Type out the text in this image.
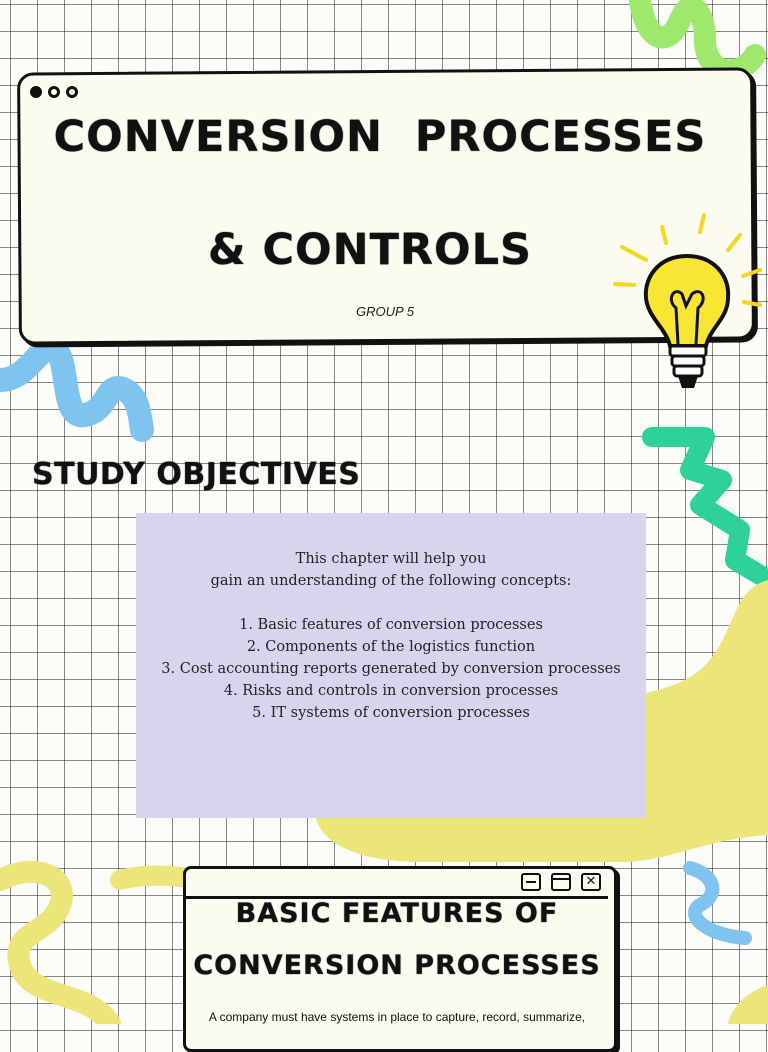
CONVERSION  PROCESSES
& CONTROLS
GROUP 5
STUDY OBJECTIVES
This chapter will help you
gain an understanding of the following concepts:
1. Basic features of conversion processes
2. Components of the logistics function
3. Cost accounting reports generated by conversion processes
4. Risks and controls in conversion processes
5. IT systems of conversion processes
✕
BASIC FEATURES OF
CONVERSION PROCESSES
A company must have systems in place to capture, record, summarize,
